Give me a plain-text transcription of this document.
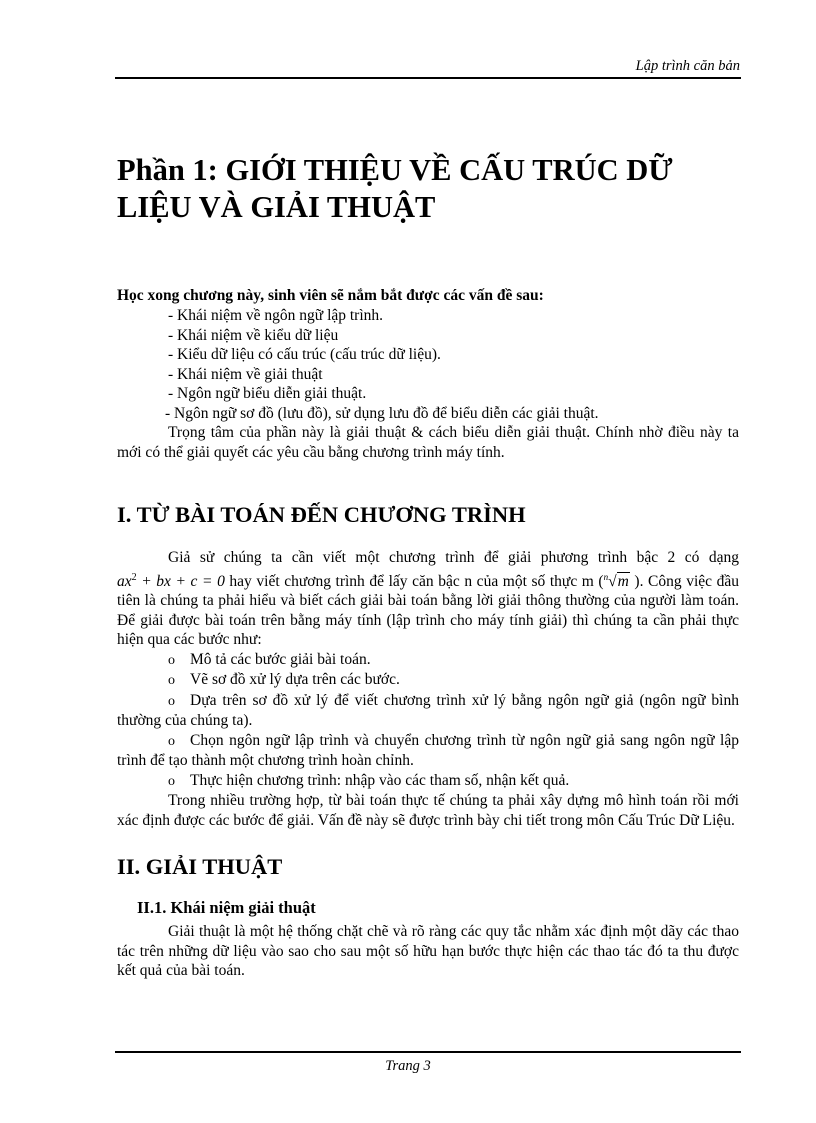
Lập trình căn bản
Phần 1: GIỚI THIỆU VỀ CẤU TRÚC DỮ LIỆU VÀ GIẢI THUẬT
Học xong chương này, sinh viên sẽ nắm bắt được các vấn đề sau:
- Khái niệm về ngôn ngữ lập trình.
- Khái niệm về kiểu dữ liệu
- Kiểu dữ liệu có cấu trúc (cấu trúc dữ liệu).
- Khái niệm về giải thuật
- Ngôn ngữ biểu diễn giải thuật.
- Ngôn ngữ sơ đồ (lưu đồ), sử dụng lưu đồ để biểu diễn các giải thuật.

Trọng tâm của phần này là giải thuật & cách biểu diễn giải thuật. Chính nhờ điều này ta mới có thể giải quyết các yêu cầu bằng chương trình máy tính.

I. TỪ BÀI TOÁN ĐẾN CHƯƠNG TRÌNH

Giả sử chúng ta cần viết một chương trình để giải phương trình bậc 2 có dạng $ax^2$ + bx + c = 0 hay viết chương trình để lấy căn bậc n của một số thực m ($^n$√m ). Công việc đầu tiên là chúng ta phải hiểu và biết cách giải bài toán bằng lời giải thông thường của người làm toán. Để giải được bài toán trên bằng máy tính (lập trình cho máy tính giải) thì chúng ta cần phải thực hiện qua các bước như:

o Mô tả các bước giải bài toán.
o Vẽ sơ đồ xử lý dựa trên các bước.
o Dựa trên sơ đồ xử lý để viết chương trình xử lý bằng ngôn ngữ giả (ngôn ngữ bình thường của chúng ta).
o Chọn ngôn ngữ lập trình và chuyển chương trình từ ngôn ngữ giả sang ngôn ngữ lập trình để tạo thành một chương trình hoàn chỉnh.
o Thực hiện chương trình: nhập vào các tham số, nhận kết quả.

Trong nhiều trường hợp, từ bài toán thực tế chúng ta phải xây dựng mô hình toán rồi mới xác định được các bước để giải. Vấn đề này sẽ được trình bày chi tiết trong môn Cấu Trúc Dữ Liệu.

II. GIẢI THUẬT
II.1. Khái niệm giải thuật

Giải thuật là một hệ thống chặt chẽ và rõ ràng các quy tắc nhằm xác định một dãy các thao tác trên những dữ liệu vào sao cho sau một số hữu hạn bước thực hiện các thao tác đó ta thu được kết quả của bài toán.

Trang 3
